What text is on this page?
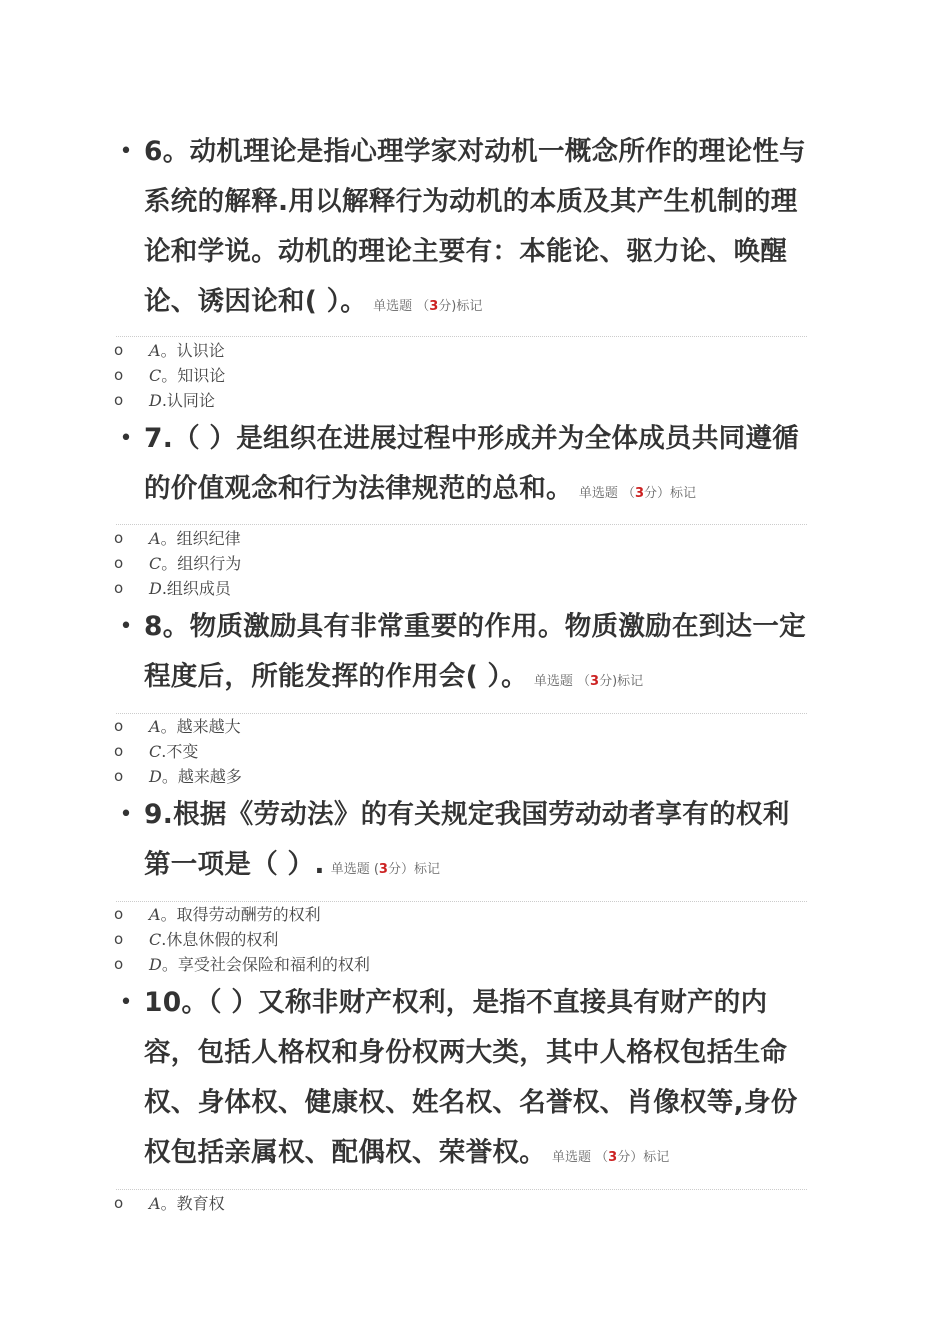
• 6。动机理论是指心理学家对动机一概念所作的理论性与系统的解释.用以解释行为动机的本质及其产生机制的理论和学说。动机的理论主要有：本能论、驱力论、唤醒论、诱因论和( ）。 单选题 （3分)标记
o A。认识论
o C。知识论
o D.认同论
• 7.（ ）是组织在进展过程中形成并为全体成员共同遵循的价值观念和行为法律规范的总和。 单选题 （3分）标记
o A。组织纪律
o C。组织行为
o D.组织成员
• 8。物质激励具有非常重要的作用。物质激励在到达一定程度后，所能发挥的作用会( ）。 单选题 （3分)标记
o A。越来越大
o C.不变
o D。越来越多
• 9.根据《劳动法》的有关规定我国劳动动者享有的权利第一项是（ ）. 单选题 (3分）标记
o A。取得劳动酬劳的权利
o C.休息休假的权利
o D。享受社会保险和福利的权利
• 10。（ ）又称非财产权利，是指不直接具有财产的内容，包括人格权和身份权两大类，其中人格权包括生命权、身体权、健康权、姓名权、名誉权、肖像权等,身份权包括亲属权、配偶权、荣誉权。 单选题 （3分）标记
o A。教育权
